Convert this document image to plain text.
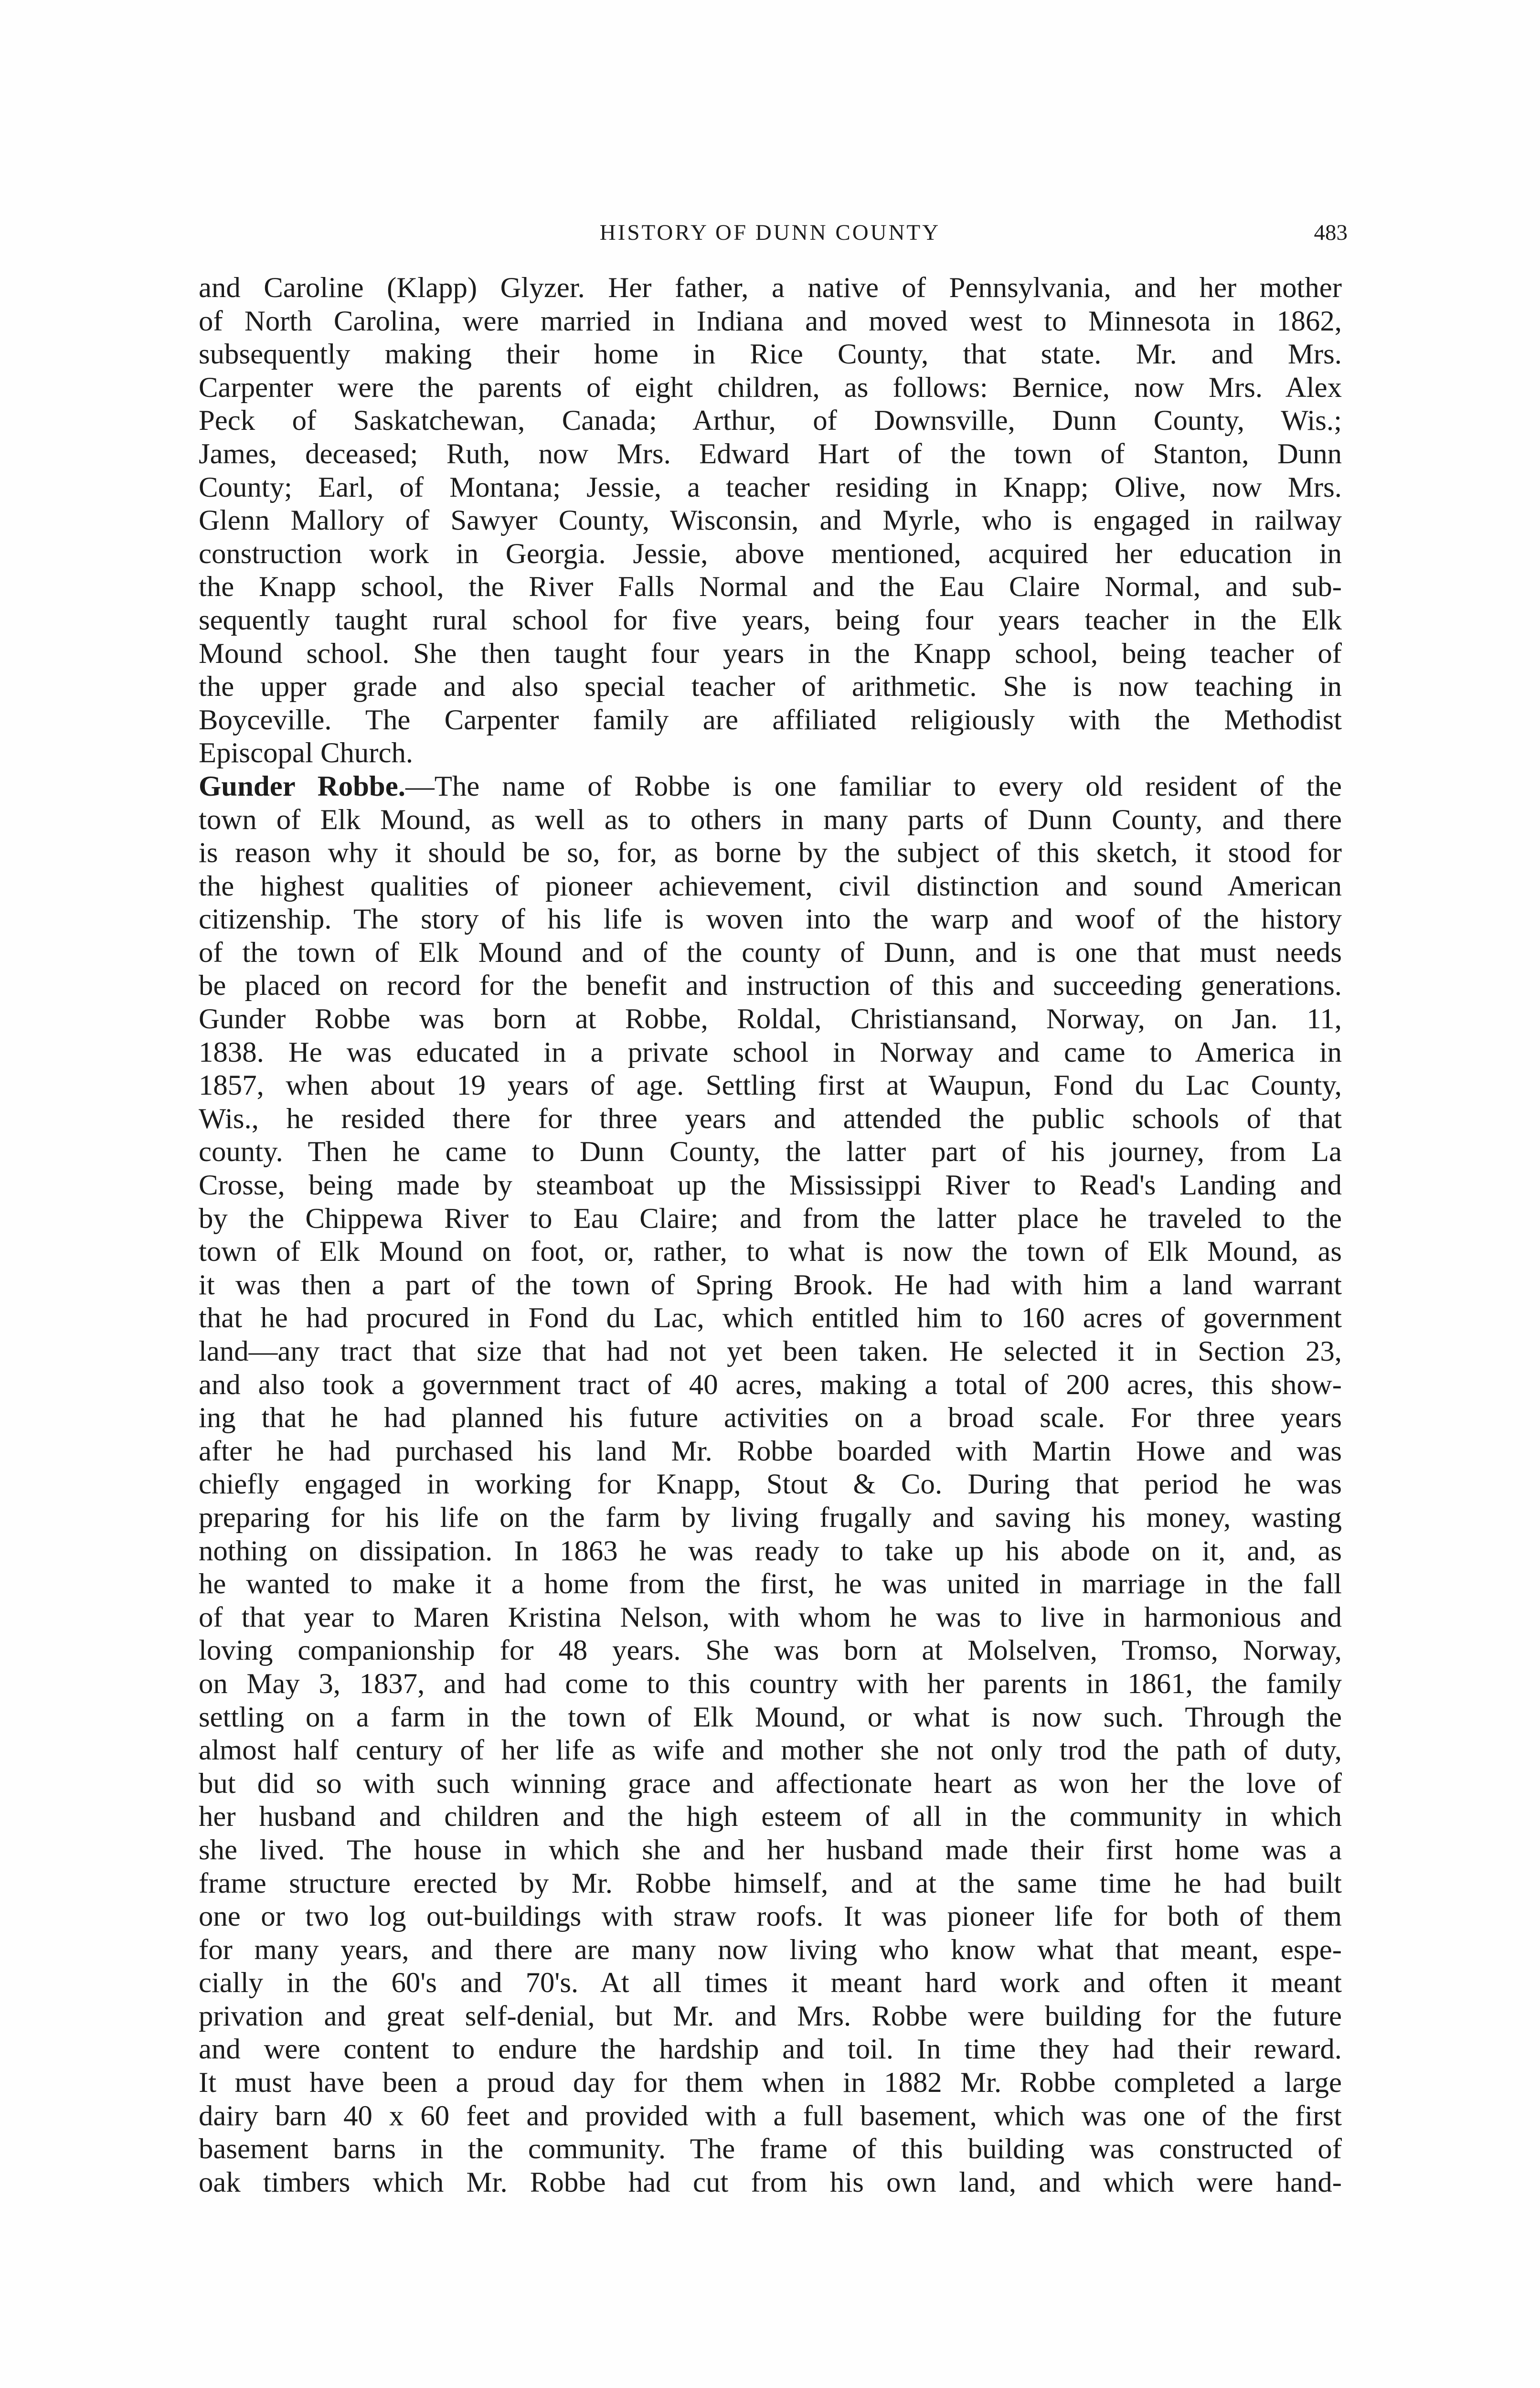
HISTORY OF DUNN COUNTY	483
and Caroline (Klapp) Glyzer. Her father, a native of Pennsylvania, and her mother
of North Carolina, were married in Indiana and moved west to Minnesota in 1862,
subsequently making their home in Rice County, that state. Mr. and Mrs.
Carpenter were the parents of eight children, as follows: Bernice, now Mrs. Alex
Peck of Saskatchewan, Canada; Arthur, of Downsville, Dunn County, Wis.;
James, deceased; Ruth, now Mrs. Edward Hart of the town of Stanton, Dunn
County; Earl, of Montana; Jessie, a teacher residing in Knapp; Olive, now Mrs.
Glenn Mallory of Sawyer County, Wisconsin, and Myrle, who is engaged in railway
construction work in Georgia. Jessie, above mentioned, acquired her education in
the Knapp school, the River Falls Normal and the Eau Claire Normal, and sub-
sequently taught rural school for five years, being four years teacher in the Elk
Mound school. She then taught four years in the Knapp school, being teacher of
the upper grade and also special teacher of arithmetic. She is now teaching in
Boyceville. The Carpenter family are affiliated religiously with the Methodist
Episcopal Church.
Gunder Robbe.—The name of Robbe is one familiar to every old resident of the
town of Elk Mound, as well as to others in many parts of Dunn County, and there
is reason why it should be so, for, as borne by the subject of this sketch, it stood for
the highest qualities of pioneer achievement, civil distinction and sound American
citizenship. The story of his life is woven into the warp and woof of the history
of the town of Elk Mound and of the county of Dunn, and is one that must needs
be placed on record for the benefit and instruction of this and succeeding generations.
Gunder Robbe was born at Robbe, Roldal, Christiansand, Norway, on Jan. 11,
1838. He was educated in a private school in Norway and came to America in
1857, when about 19 years of age. Settling first at Waupun, Fond du Lac County,
Wis., he resided there for three years and attended the public schools of that
county. Then he came to Dunn County, the latter part of his journey, from La
Crosse, being made by steamboat up the Mississippi River to Read's Landing and
by the Chippewa River to Eau Claire; and from the latter place he traveled to the
town of Elk Mound on foot, or, rather, to what is now the town of Elk Mound, as
it was then a part of the town of Spring Brook. He had with him a land warrant
that he had procured in Fond du Lac, which entitled him to 160 acres of government
land—any tract that size that had not yet been taken. He selected it in Section 23,
and also took a government tract of 40 acres, making a total of 200 acres, this show-
ing that he had planned his future activities on a broad scale. For three years
after he had purchased his land Mr. Robbe boarded with Martin Howe and was
chiefly engaged in working for Knapp, Stout & Co. During that period he was
preparing for his life on the farm by living frugally and saving his money, wasting
nothing on dissipation. In 1863 he was ready to take up his abode on it, and, as
he wanted to make it a home from the first, he was united in marriage in the fall
of that year to Maren Kristina Nelson, with whom he was to live in harmonious and
loving companionship for 48 years. She was born at Molselven, Tromso, Norway,
on May 3, 1837, and had come to this country with her parents in 1861, the family
settling on a farm in the town of Elk Mound, or what is now such. Through the
almost half century of her life as wife and mother she not only trod the path of duty,
but did so with such winning grace and affectionate heart as won her the love of
her husband and children and the high esteem of all in the community in which
she lived. The house in which she and her husband made their first home was a
frame structure erected by Mr. Robbe himself, and at the same time he had built
one or two log out-buildings with straw roofs. It was pioneer life for both of them
for many years, and there are many now living who know what that meant, espe-
cially in the 60's and 70's. At all times it meant hard work and often it meant
privation and great self-denial, but Mr. and Mrs. Robbe were building for the future
and were content to endure the hardship and toil. In time they had their reward.
It must have been a proud day for them when in 1882 Mr. Robbe completed a large
dairy barn 40 x 60 feet and provided with a full basement, which was one of the first
basement barns in the community. The frame of this building was constructed of
oak timbers which Mr. Robbe had cut from his own land, and which were hand-
